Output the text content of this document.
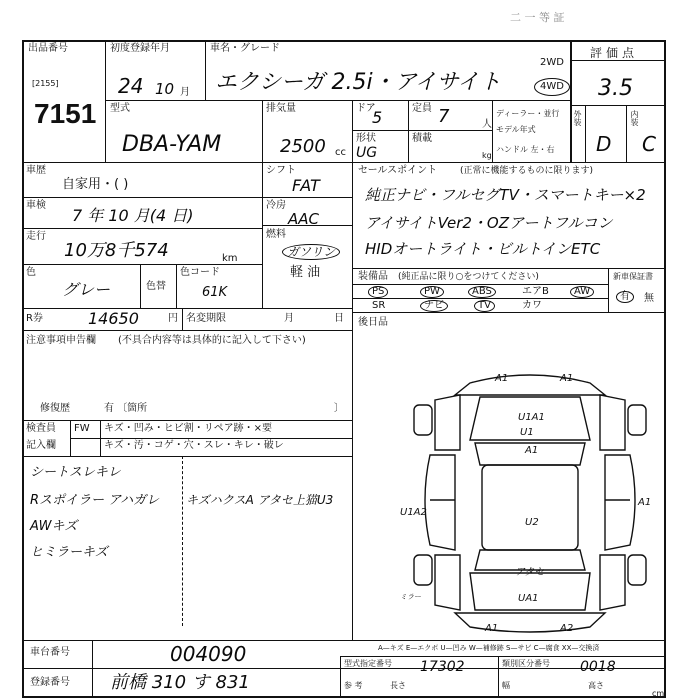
二 一 等 証
出品番号
[2155]
7151
初度登録年月
24 10 月
車名・グレード
エクシーガ 2.5i・アイサイト
2WD
4WD
評価点
3.5
型式
DBA-YAM
排気量
2500 cc
ドア
5	定員 7	人
ディーラー・並行
モデル年式
形状
UG
積載
kg
ハンドル 左・右
外装
D
内装
C
車歴
自家用・( )
シフト
FAT
車検
7 年 10 月(4 日)
冷房
AAC
走行
10万8千574	km
燃料
ガソリン
軽 油
色
グレー	色替
色コード
61K
R券	14650	円 名変期限	月	日
注意事項申告欄 (不具合内容等は具体的に記入して下さい)
修復歴	有 〔箇所	〕
セールスポイント	(正常に機能するものに限ります)
純正ナビ・フルセグTV・スマートキー×2
アイサイトVer2・OZアートフルコン
HIDオートライト・ビルトインETC
装備品 (純正品に限り○をつけてください)	新車保証書
有	無
PS	PW	ABS	エアB	AW
SR	ナビ	TV	カワ
後日品
検査員
記入欄
FW キズ・凹み・ヒビ割・リペア跡・×要
キズ・汚・コゲ・穴・スレ・キレ・破レ
シートスレキレ
Rスポイラー アハガレ
AWキズ
ヒミラーキズ
キズハクスA アタセ上猫U3
A1	A1
U1A1
U1
A1
U1A2
A1
U2
アタセ
UA1
A1	A2
ミラー
A—キズ E—エクボ U—凹み W—補修跡 S—サビ C—腐食 XX—交換済
車台番号	004090
登録番号 前橋 310 す 831
型式指定番号 17302	類別区分番号 0018
参 考	長さ	幅	高さ
cm
